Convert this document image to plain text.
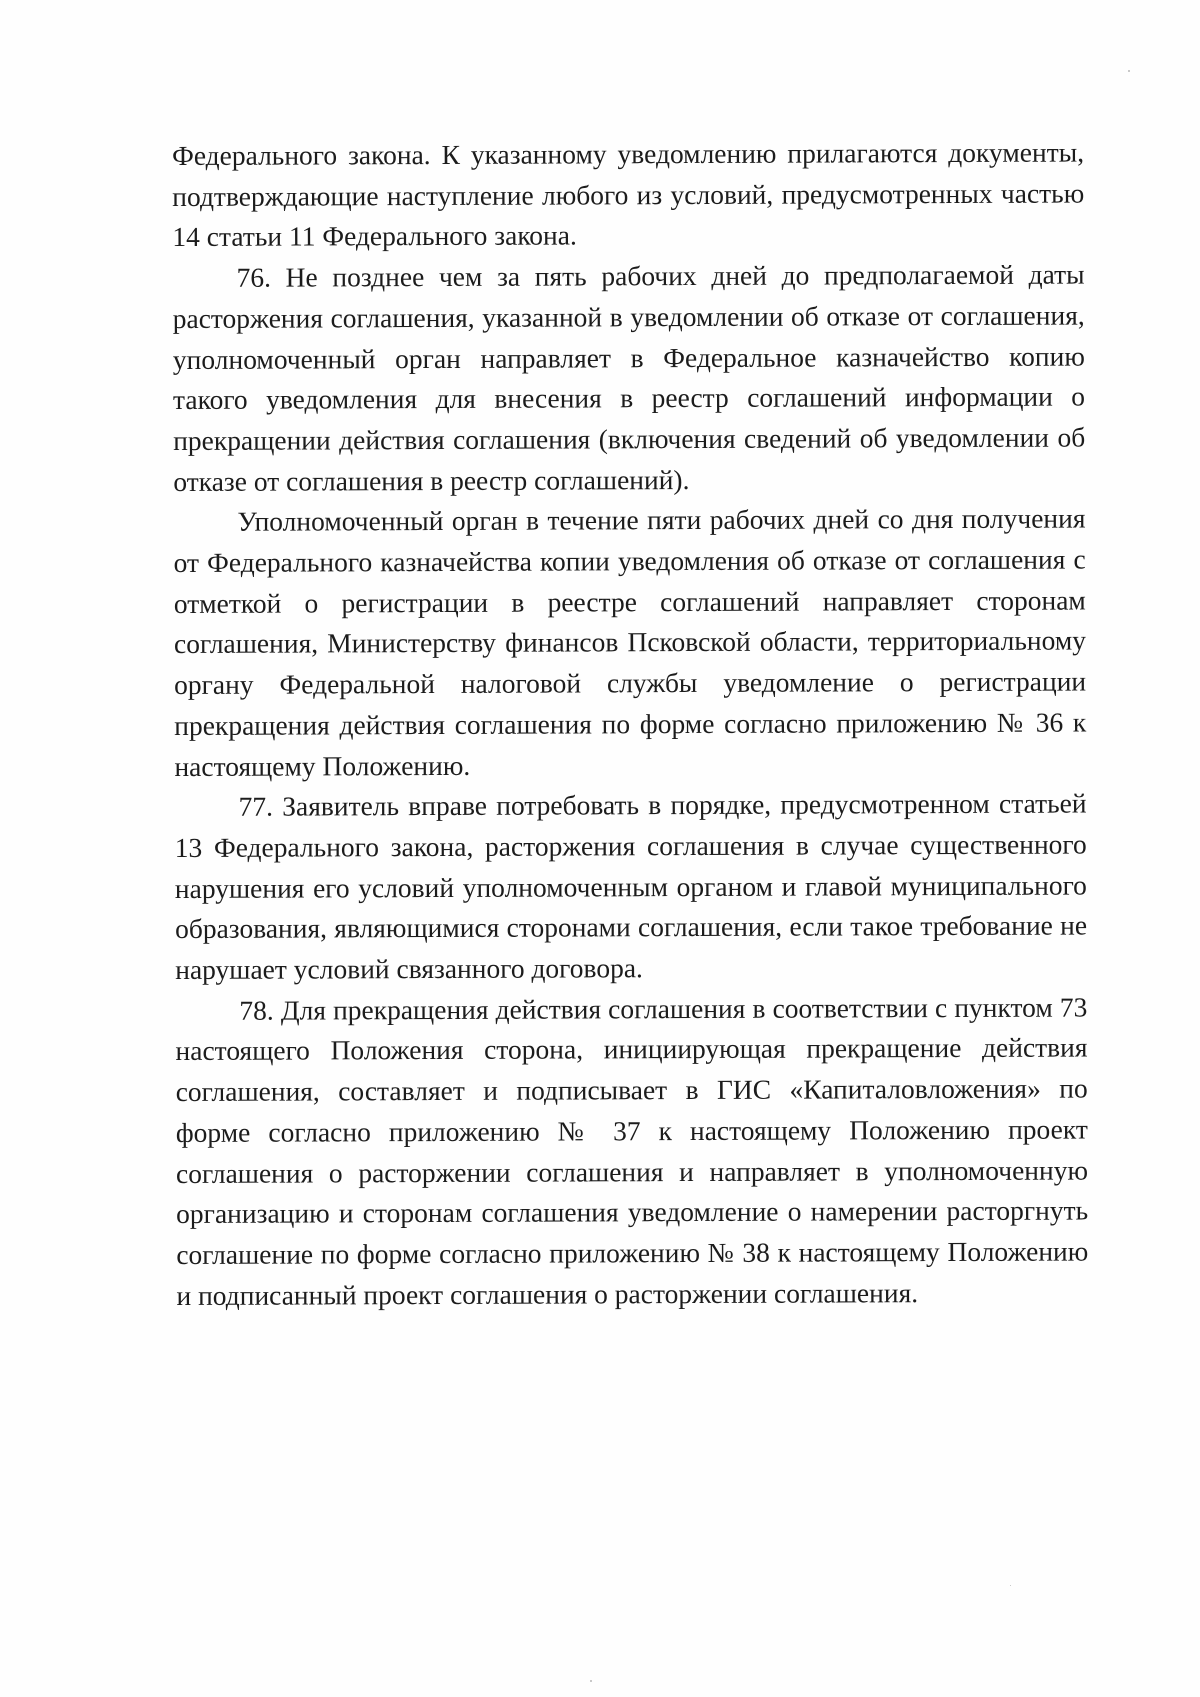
Федерального закона. К указанному уведомлению прилагаются документы, подтверждающие наступление любого из условий, предусмотренных частью 14 статьи 11 Федерального закона.

76. Не позднее чем за пять рабочих дней до предполагаемой даты расторжения соглашения, указанной в уведомлении об отказе от соглашения, уполномоченный орган направляет в Федеральное казначейство копию такого уведомления для внесения в реестр соглашений информации о прекращении действия соглашения (включения сведений об уведомлении об отказе от соглашения в реестр соглашений).

Уполномоченный орган в течение пяти рабочих дней со дня получения от Федерального казначейства копии уведомления об отказе от соглашения с отметкой о регистрации в реестре соглашений направляет сторонам соглашения, Министерству финансов Псковской области, территориальному органу Федеральной налоговой службы уведомление о регистрации прекращения действия соглашения по форме согласно приложению № 36 к настоящему Положению.

77. Заявитель вправе потребовать в порядке, предусмотренном статьей 13 Федерального закона, расторжения соглашения в случае существенного нарушения его условий уполномоченным органом и главой муниципального образования, являющимися сторонами соглашения, если такое требование не нарушает условий связанного договора.

78. Для прекращения действия соглашения в соответствии с пунктом 73 настоящего Положения сторона, инициирующая прекращение действия соглашения, составляет и подписывает в ГИС «Капиталовложения» по форме согласно приложению № 37 к настоящему Положению проект соглашения о расторжении соглашения и направляет в уполномоченную организацию и сторонам соглашения уведомление о намерении расторгнуть соглашение по форме согласно приложению № 38 к настоящему Положению и подписанный проект соглашения о расторжении соглашения.
